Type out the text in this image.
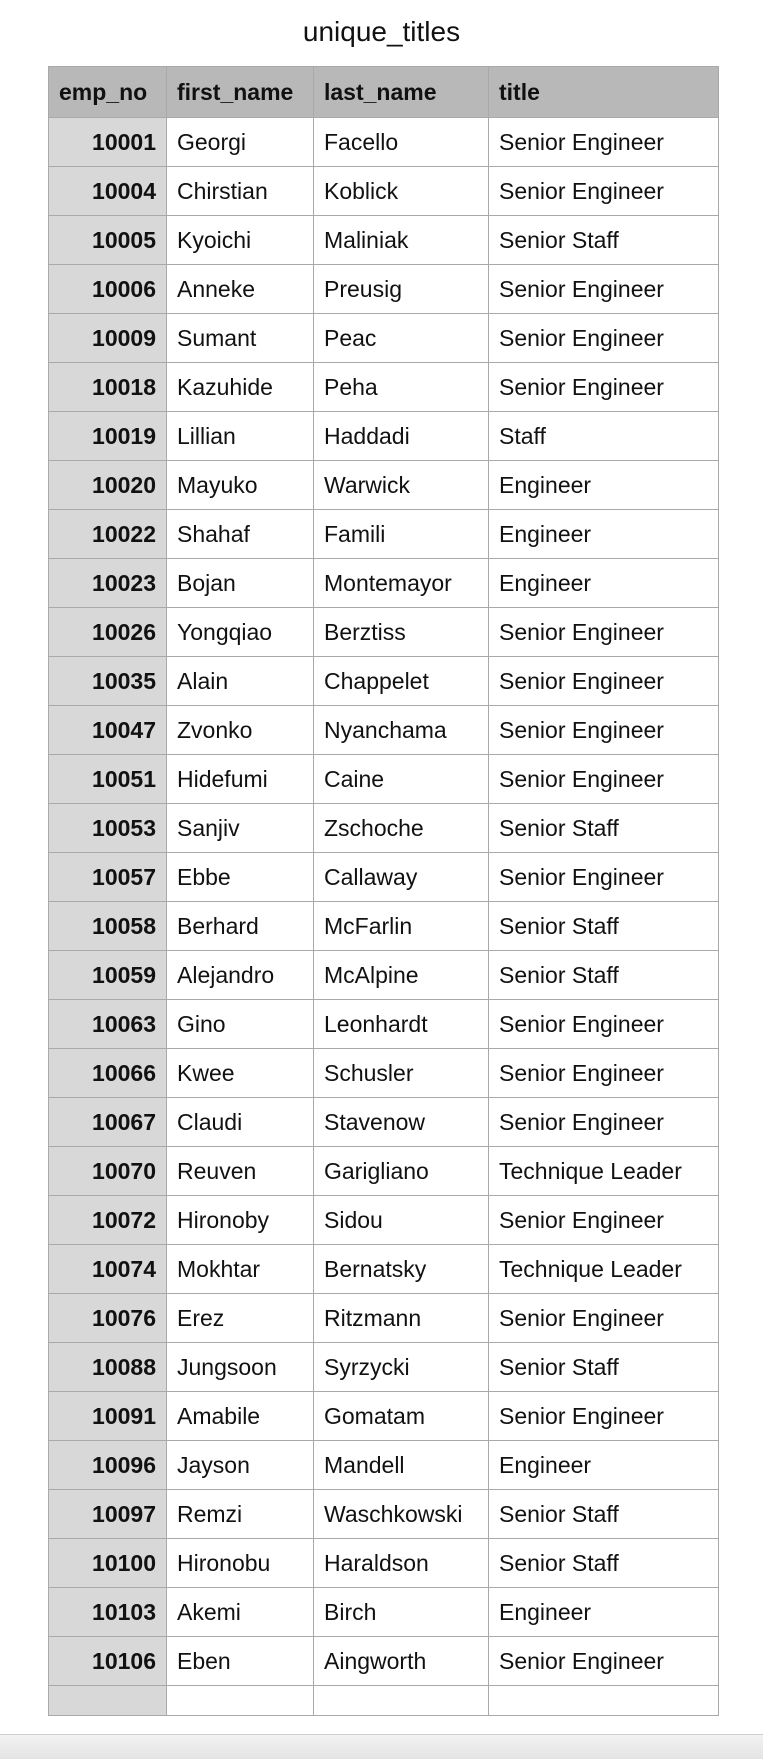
unique_titles
emp_no	first_name	last_name	title
10001	Georgi	Facello	Senior Engineer
10004	Chirstian	Koblick	Senior Engineer
10005	Kyoichi	Maliniak	Senior Staff
10006	Anneke	Preusig	Senior Engineer
10009	Sumant	Peac	Senior Engineer
10018	Kazuhide	Peha	Senior Engineer
10019	Lillian	Haddadi	Staff
10020	Mayuko	Warwick	Engineer
10022	Shahaf	Famili	Engineer
10023	Bojan	Montemayor	Engineer
10026	Yongqiao	Berztiss	Senior Engineer
10035	Alain	Chappelet	Senior Engineer
10047	Zvonko	Nyanchama	Senior Engineer
10051	Hidefumi	Caine	Senior Engineer
10053	Sanjiv	Zschoche	Senior Staff
10057	Ebbe	Callaway	Senior Engineer
10058	Berhard	McFarlin	Senior Staff
10059	Alejandro	McAlpine	Senior Staff
10063	Gino	Leonhardt	Senior Engineer
10066	Kwee	Schusler	Senior Engineer
10067	Claudi	Stavenow	Senior Engineer
10070	Reuven	Garigliano	Technique Leader
10072	Hironoby	Sidou	Senior Engineer
10074	Mokhtar	Bernatsky	Technique Leader
10076	Erez	Ritzmann	Senior Engineer
10088	Jungsoon	Syrzycki	Senior Staff
10091	Amabile	Gomatam	Senior Engineer
10096	Jayson	Mandell	Engineer
10097	Remzi	Waschkowski	Senior Staff
10100	Hironobu	Haraldson	Senior Staff
10103	Akemi	Birch	Engineer
10106	Eben	Aingworth	Senior Engineer
